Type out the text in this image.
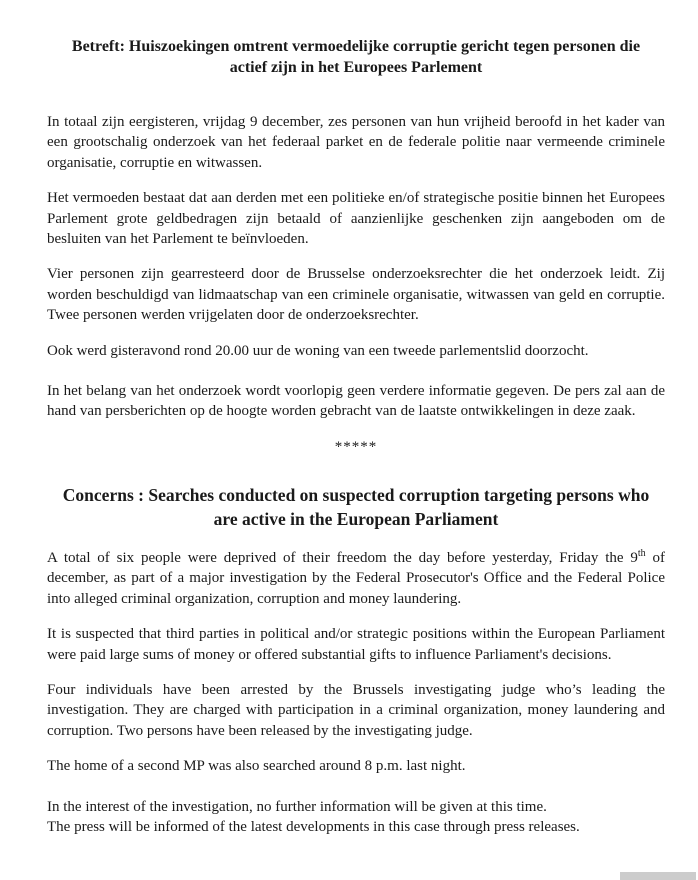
Betreft: Huiszoekingen omtrent vermoedelijke corruptie gericht tegen personen die actief zijn in het Europees Parlement

In totaal zijn eergisteren, vrijdag 9 december, zes personen van hun vrijheid beroofd in het kader van een grootschalig onderzoek van het federaal parket en de federale politie naar vermeende criminele organisatie, corruptie en witwassen.

Het vermoeden bestaat dat aan derden met een politieke en/of strategische positie binnen het Europees Parlement grote geldbedragen zijn betaald of aanzienlijke geschenken zijn aangeboden om de besluiten van het Parlement te beïnvloeden.

Vier personen zijn gearresteerd door de Brusselse onderzoeksrechter die het onderzoek leidt. Zij worden beschuldigd van lidmaatschap van een criminele organisatie, witwassen van geld en corruptie. Twee personen werden vrijgelaten door de onderzoeksrechter.

Ook werd gisteravond rond 20.00 uur de woning van een tweede parlementslid doorzocht.

In het belang van het onderzoek wordt voorlopig geen verdere informatie gegeven. De pers zal aan de hand van persberichten op de hoogte worden gebracht van de laatste ontwikkelingen in deze zaak.

*****
Concerns : Searches conducted on suspected corruption targeting persons who are active in the European Parliament

A total of six people were deprived of their freedom the day before yesterday, Friday the 9th of december, as part of a major investigation by the Federal Prosecutor's Office and the Federal Police into alleged criminal organization, corruption and money laundering.

It is suspected that third parties in political and/or strategic positions within the European Parliament were paid large sums of money or offered substantial gifts to influence Parliament's decisions.

Four individuals have been arrested by the Brussels investigating judge who’s leading the investigation. They are charged with participation in a criminal organization, money laundering and corruption. Two persons have been released by the investigating judge.

The home of a second MP was also searched around 8 p.m. last night.

In the interest of the investigation, no further information will be given at this time.
The press will be informed of the latest developments in this case through press releases.
